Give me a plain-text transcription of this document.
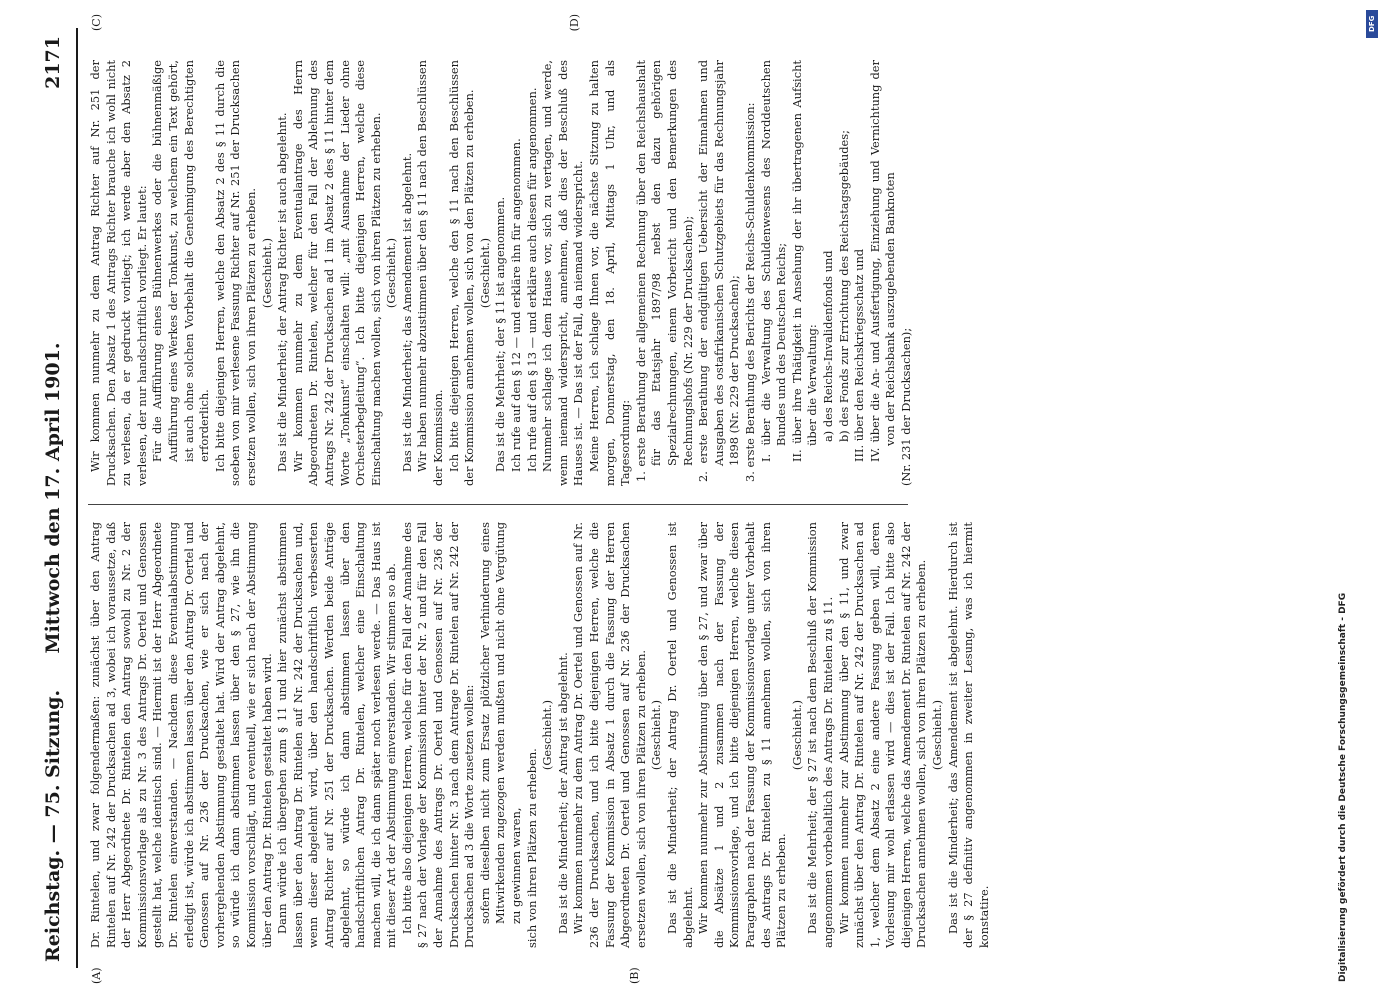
Reichstag. — 75. Sitzung.
Mittwoch den 17. April 1901.
2171
(A)	(B)
(C)	(D)

Dr. Rintelen, und zwar folgendermaßen: zunächst über den Antrag Rintelen auf Nr. 242 der Drucksachen ad 3, wobei ich voraussetze, daß der Herr Abgeordnete Dr. Rintelen den Antrag sowohl zu Nr. 2 der Kommissionsvorlage als zu Nr. 3 des Antrags Dr. Oertel und Genossen gestellt hat, welche identisch sind. — Hiermit ist der Herr Abgeordnete Dr. Rintelen einverstanden. — Nachdem diese Eventualabstimmung erledigt ist, würde ich abstimmen lassen über den Antrag Dr. Oertel und Genossen auf Nr. 236 der Drucksachen, wie er sich nach der vorhergehenden Abstimmung gestaltet hat. Wird der Antrag abgelehnt, so würde ich dann abstimmen lassen über den § 27, wie ihn die Kommission vorschlägt, und eventuell, wie er sich nach der Abstimmung über den Antrag Dr. Rintelen gestaltet haben wird. Dann würde ich übergehen zum § 11 und hier zunächst abstimmen lassen über den Antrag Dr. Rintelen auf Nr. 242 der Drucksachen und, wenn dieser abgelehnt wird, über den handschriftlich verbesserten Antrag Richter auf Nr. 251 der Drucksachen. Werden beide Anträge abgelehnt, so würde ich dann abstimmen lassen über den handschriftlichen Antrag Dr. Rintelen, welcher eine Einschaltung machen will, die ich dann später noch verlesen werde. — Das Haus ist mit dieser Art der Abstimmung einverstanden. Wir stimmen so ab. Ich bitte also diejenigen Herren, welche für den Fall der Annahme des § 27 nach der Vorlage der Kommission hinter der Nr. 2 und für den Fall der Annahme des Antrags Dr. Oertel und Genossen auf Nr. 236 der Drucksachen hinter Nr. 3 nach dem Antrage Dr. Rintelen auf Nr. 242 der Drucksachen ad 3 die Worte zusetzen wollen: sofern dieselben nicht zum Ersatz plötzlicher Verhinderung eines Mitwirkenden zugezogen werden mußten und nicht ohne Vergütung zu gewinnen waren, sich von ihren Plätzen zu erheben.

(Geschieht.) Das ist die Minderheit; der Antrag ist abgelehnt. Wir kommen nunmehr zu dem Antrag Dr. Oertel und Genossen auf Nr. 236 der Drucksachen, und ich bitte diejenigen Herren, welche die Fassung der Kommission in Absatz 1 durch die Fassung der Herren Abgeordneten Dr. Oertel und Genossen auf Nr. 236 der Drucksachen ersetzen wollen, sich von ihren Plätzen zu erheben. (Geschieht.) Das ist die Minderheit; der Antrag Dr. Oertel und Genossen ist abgelehnt. Wir kommen nunmehr zur Abstimmung über den § 27, und zwar über die Absätze 1 und 2 zusammen nach der Fassung der Kommissionsvorlage, und ich bitte diejenigen Herren, welche diesen Paragraphen nach der Fassung der Kommissionsvorlage unter Vorbehalt des Antrags Dr. Rintelen zu § 11 annehmen wollen, sich von ihren Plätzen zu erheben.

(Geschieht.) Das ist die Mehrheit; der § 27 ist nach dem Beschluß der Kommission angenommen vorbehaltlich des Antrags Dr. Rintelen zu § 11. Wir kommen nunmehr zur Abstimmung über den § 11, und zwar zunächst über den Antrag Dr. Rintelen auf Nr. 242 der Drucksachen ad 1, welcher dem Absatz 2 eine andere Fassung geben will, deren Vorlesung mir wohl erlassen wird — dies ist der Fall. Ich bitte also diejenigen Herren, welche das Amendement Dr. Rintelen auf Nr. 242 der Drucksachen annehmen wollen, sich von ihren Plätzen zu erheben. (Geschieht.) Das ist die Minderheit; das Amendement ist abgelehnt. Hierdurch ist der § 27 definitiv angenommen in zweiter Lesung, was ich hiermit konstatire.

Wir kommen nunmehr zu dem Antrag Richter auf Nr. 251 der Drucksachen. Den Absatz 1 des Antrags Richter brauche ich wohl nicht zu verlesen, da er gedruckt vorliegt; ich werde aber den Absatz 2 verlesen, der nur handschriftlich vorliegt. Er lautet: Für die Aufführung eines Bühnenwerkes oder die bühnenmäßige Aufführung eines Werkes der Tonkunst, zu welchem ein Text gehört, ist auch ohne solchen Vorbehalt die Genehmigung des Berechtigten erforderlich. Ich bitte diejenigen Herren, welche den Absatz 2 des § 11 durch die soeben von mir verlesene Fassung Richter auf Nr. 251 der Drucksachen ersetzen wollen, sich von ihren Plätzen zu erheben. (Geschieht.) Das ist die Minderheit; der Antrag Richter ist auch abgelehnt. Wir kommen nunmehr zu dem Eventualantrage des Herrn Abgeordneten Dr. Rintelen, welcher für den Fall der Ablehnung des Antrags Nr. 242 der Drucksachen ad 1 im Absatz 2 des § 11 hinter dem Worte „Tonkunst“ einschalten will: „mit Ausnahme der Lieder ohne Orchesterbegleitung“. Ich bitte diejenigen Herren, welche diese Einschaltung machen wollen, sich von ihren Plätzen zu erheben. (Geschieht.) Das ist die Minderheit; das Amendement ist abgelehnt. Wir haben nunmehr abzustimmen über den § 11 nach den Beschlüssen der Kommission. Ich bitte diejenigen Herren, welche den § 11 nach den Beschlüssen der Kommission annehmen wollen, sich von den Plätzen zu erheben. (Geschieht.) Das ist die Mehrheit; der § 11 ist angenommen. Ich rufe auf den § 12 — und erkläre ihn für angenommen. Ich rufe auf den § 13 — und erkläre auch diesen für angenommen. Nunmehr schlage ich dem Hause vor, sich zu vertagen, und werde, wenn niemand widerspricht, annehmen, daß dies der Beschluß des Hauses ist. — Das ist der Fall, da niemand widerspricht. Meine Herren, ich schlage Ihnen vor, die nächste Sitzung zu halten morgen, Donnerstag, den 18. April, Mittags 1 Uhr, und als Tagesordnung: 1. erste Berathung der allgemeinen Rechnung über den Reichshaushalt für das Etatsjahr 1897/98 nebst den dazu gehörigen Spezialrechnungen, einem Vorbericht und den Bemerkungen des Rechnungshofs (Nr. 229 der Drucksachen); 2. erste Berathung der endgültigen Uebersicht der Einnahmen und Ausgaben des ostafrikanischen Schutzgebiets für das Rechnungsjahr 1898 (Nr. 229 der Drucksachen); 3. erste Berathung des Berichts der Reichs-Schuldenkommission: I. über die Verwaltung des Schuldenwesens des Norddeutschen Bundes und des Deutschen Reichs; II. über ihre Thätigkeit in Ansehung der ihr übertragenen Aufsicht über die Verwaltung: a) des Reichs-Invalidenfonds und b) des Fonds zur Errichtung des Reichstagsgebäudes; III. über den Reichskriegsschatz und IV. über die An- und Ausfertigung, Einziehung und Vernichtung der von der Reichsbank auszugebenden Banknoten (Nr. 231 der Drucksachen);

Digitalisierung gefördert durch die Deutsche Forschungsgemeinschaft - DFG
DFG
